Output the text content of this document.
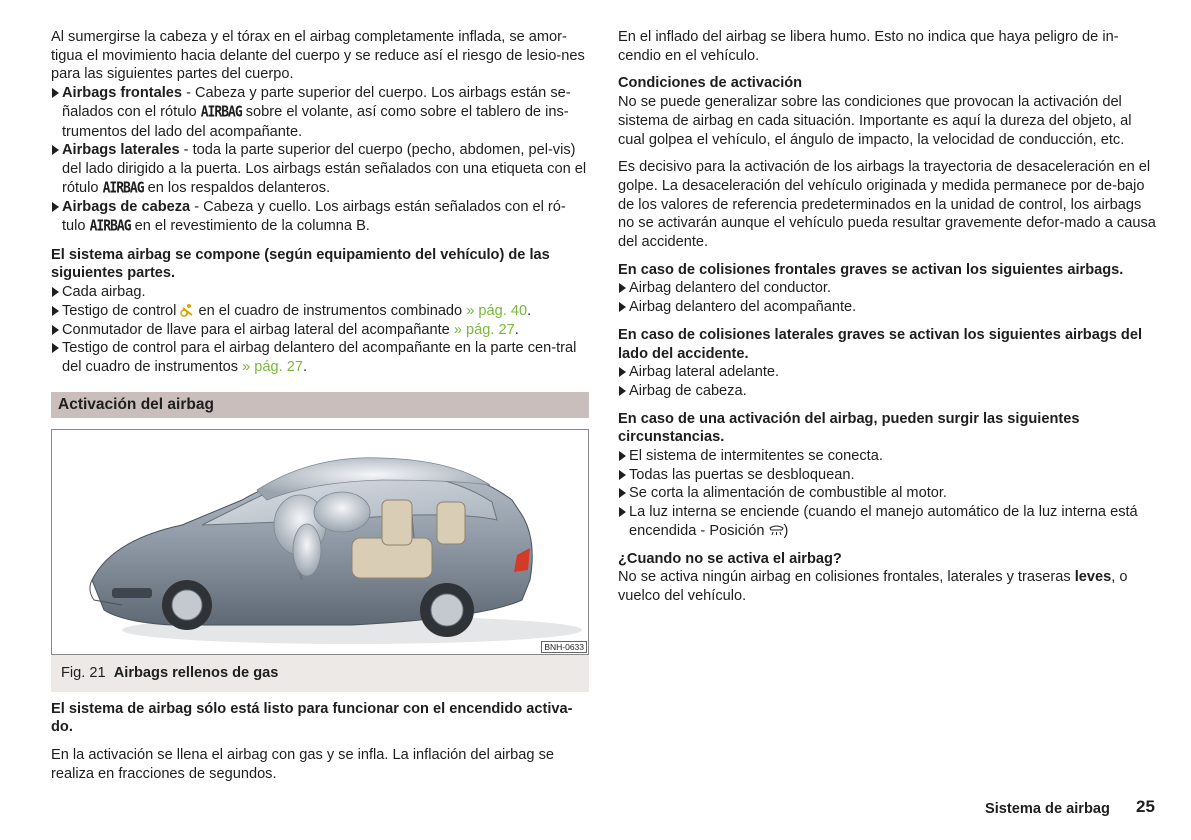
Al sumergirse la cabeza y el tórax en el airbag completamente inflada, se amor-tigua el movimiento hacia delante del cuerpo y se reduce así el riesgo de lesio-nes para las siguientes partes del cuerpo.

Airbags frontales - Cabeza y parte superior del cuerpo. Los airbags están se-ñalados con el rótulo AIRBAG sobre el volante, así como sobre el tablero de ins-trumentos del lado del acompañante.

Airbags laterales - toda la parte superior del cuerpo (pecho, abdomen, pel-vis) del lado dirigido a la puerta. Los airbags están señalados con una etiqueta con el rótulo AIRBAG en los respaldos delanteros.

Airbags de cabeza - Cabeza y cuello. Los airbags están señalados con el ró-tulo AIRBAG en el revestimiento de la columna B.

El sistema airbag se compone (según equipamiento del vehículo) de las siguientes partes.

Cada airbag.

Testigo de control  en el cuadro de instrumentos combinado » pág. 40.

Conmutador de llave para el airbag lateral del acompañante » pág. 27.

Testigo de control para el airbag delantero del acompañante en la parte cen-tral del cuadro de instrumentos » pág. 27.

Activación del airbag
BNH-0633
Fig. 21 Airbags rellenos de gas

El sistema de airbag sólo está listo para funcionar con el encendido activa-do.

En la activación se llena el airbag con gas y se infla. La inflación del airbag se realiza en fracciones de segundos.

En el inflado del airbag se libera humo. Esto no indica que haya peligro de in-cendio en el vehículo.

Condiciones de activación

No se puede generalizar sobre las condiciones que provocan la activación del sistema de airbag en cada situación. Importante es aquí la dureza del objeto, al cual golpea el vehículo, el ángulo de impacto, la velocidad de conducción, etc.

Es decisivo para la activación de los airbags la trayectoria de desaceleración en el golpe. La desaceleración del vehículo originada y medida permanece por de-bajo de los valores de referencia predeterminados en la unidad de control, los airbags no se activarán aunque el vehículo pueda resultar gravemente defor-mado a causa del accidente.

En caso de colisiones frontales graves se activan los siguientes airbags.

Airbag delantero del conductor.

Airbag delantero del acompañante.

En caso de colisiones laterales graves se activan los siguientes airbags del lado del accidente.

Airbag lateral adelante.

Airbag de cabeza.

En caso de una activación del airbag, pueden surgir las siguientes circunstancias.

El sistema de intermitentes se conecta.

Todas las puertas se desbloquean.

Se corta la alimentación de combustible al motor.

La luz interna se enciende (cuando el manejo automático de la luz interna está encendida - Posición )

¿Cuando no se activa el airbag?

No se activa ningún airbag en colisiones frontales, laterales y traseras leves, o vuelco del vehículo.

Sistema de airbag 25
